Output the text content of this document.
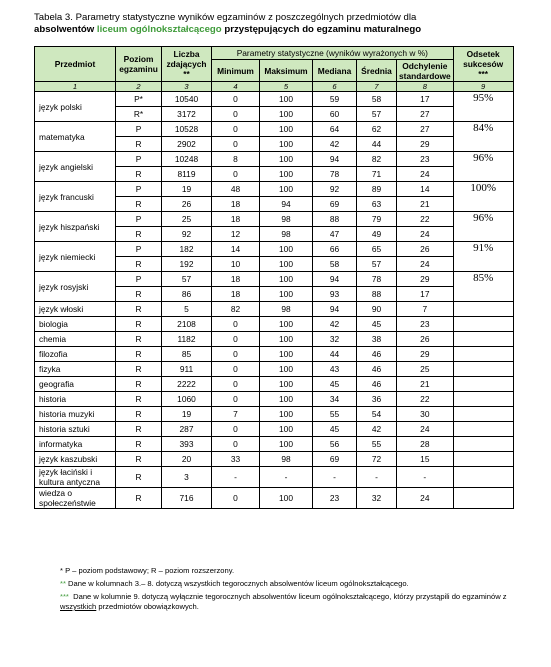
Tabela 3. Parametry statystyczne wyników egzaminów z poszczególnych przedmiotów dla
absolwentów liceum ogólnokształcącego przystępujących do egzaminu maturalnego
Przedmiot	Poziom egzaminu	Liczba zdających
**	Parametry statystyczne (wyników wyrażonych w %)					Odsetek sukcesów
***
			Minimum	Maksimum	Mediana	Średnia	Odchylenie standardowe	
1	2	3	4	5	6	7	8	9
język polski	P*	10540	0	100	59	58	17	95%
	R*	3172	0	100	60	57	27	
matematyka	P	10528	0	100	64	62	27	84%
	R	2902	0	100	42	44	29	
język angielski	P	10248	8	100	94	82	23	96%
	R	8119	0	100	78	71	24	
język francuski	P	19	48	100	92	89	14	100%
	R	26	18	94	69	63	21	
język hiszpański	P	25	18	98	88	79	22	96%
	R	92	12	98	47	49	24	
język niemiecki	P	182	14	100	66	65	26	91%
	R	192	10	100	58	57	24	
język rosyjski	P	57	18	100	94	78	29	85%
	R	86	18	100	93	88	17	
język włoski	R	5	82	98	94	90	7	
biologia	R	2108	0	100	42	45	23	
chemia	R	1182	0	100	32	38	26	
filozofia	R	85	0	100	44	46	29	
fizyka	R	911	0	100	43	46	25	
geografia	R	2222	0	100	45	46	21	
historia	R	1060	0	100	34	36	22	
historia muzyki	R	19	7	100	55	54	30	
historia sztuki	R	287	0	100	45	42	24	
informatyka	R	393	0	100	56	55	28	
język kaszubski	R	20	33	98	69	72	15	
język łaciński i kultura antyczna	R	3	-	-	-	-	-	
wiedza o społeczeństwie	R	716	0	100	23	32	24	

* P – poziom podstawowy; R – poziom rozszerzony.

** Dane w kolumnach 3.– 8. dotyczą wszystkich tegorocznych absolwentów liceum ogólnokształcącego.

*** Dane w kolumnie 9. dotyczą wyłącznie tegorocznych absolwentów liceum ogólnokształcącego, którzy przystąpili do egzaminów z wszystkich przedmiotów obowiązkowych.
